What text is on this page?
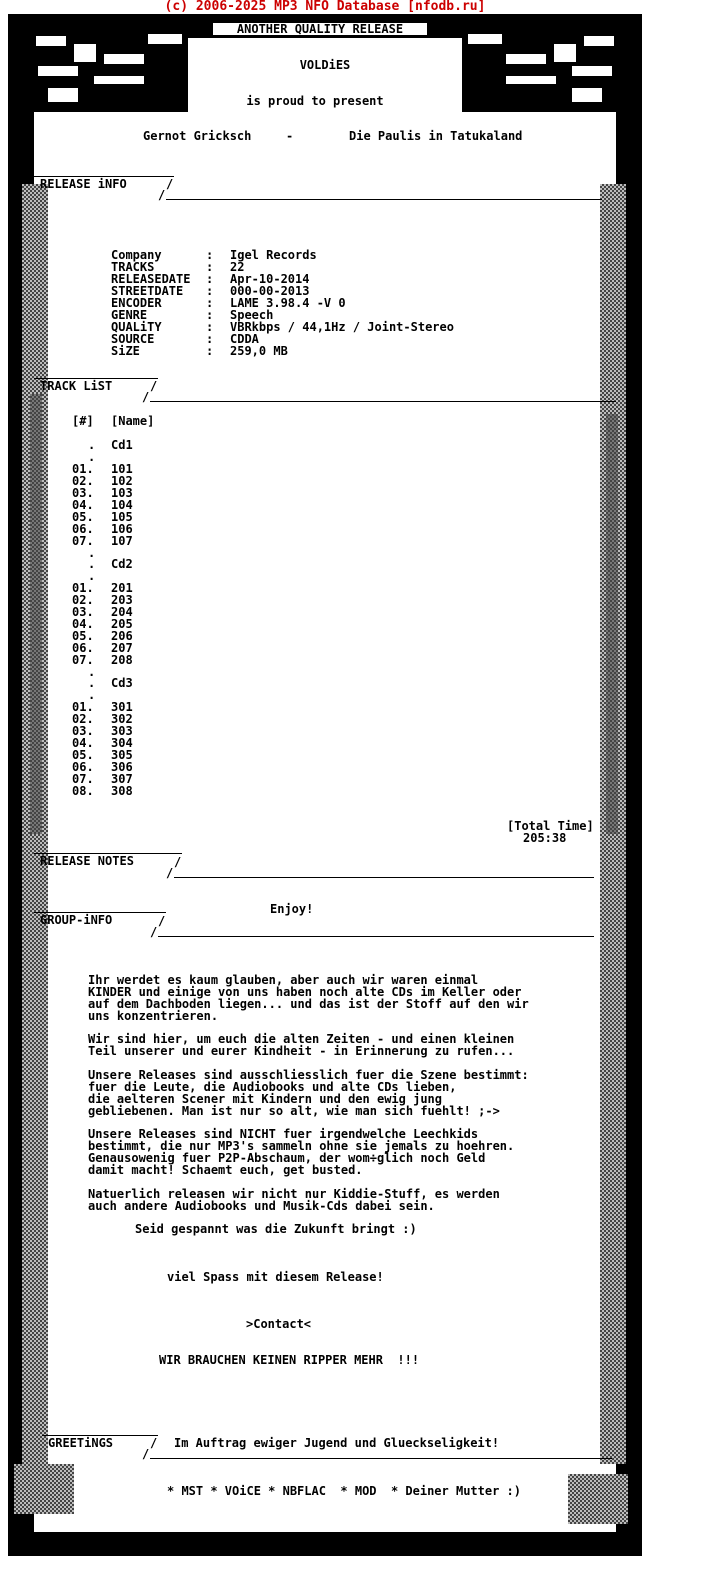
(c) 2006-2025 MP3 NFO Database [nfodb.ru]
ANOTHER QUALITY RELEASE
VOLDiES
is proud to present
Gernot Gricksch	-	Die Paulis in Tatukaland
RELEASE iNFO	/
/
Company	: Igel Records
TRACKS	: 22
RELEASEDATE : Apr-10-2014
STREETDATE : 000-00-2013
ENCODER	: LAME 3.98.4 -V 0
GENRE	: Speech
QUALiTY	: VBRkbps / 44,1Hz / Joint-Stereo
SOURCE	: CDDA
SiZE	: 259,0 MB
TRACK LiST	/
/
[#] [Name]
. Cd1
.
01. 101
02. 102
03. 103
04. 104
05. 105
06. 106
07. 107
.
. Cd2
.
01. 201
02. 203
03. 204
04. 205
05. 206
06. 207
07. 208
.
. Cd3
.
01. 301
02. 302
03. 303
04. 304
05. 305
06. 306
07. 307
08. 308
[Total Time]
205:38
RELEASE NOTES	/
/
Enjoy!
GROUP-iNFO	/
/
Ihr werdet es kaum glauben, aber auch wir waren einmal
KINDER und einige von uns haben noch alte CDs im Keller oder
auf dem Dachboden liegen... und das ist der Stoff auf den wir
uns konzentrieren.
Wir sind hier, um euch die alten Zeiten - und einen kleinen
Teil unserer und eurer Kindheit - in Erinnerung zu rufen...
Unsere Releases sind ausschliesslich fuer die Szene bestimmt:
fuer die Leute, die Audiobooks und alte CDs lieben,
die aelteren Scener mit Kindern und den ewig jung
gebliebenen. Man ist nur so alt, wie man sich fuehlt! ;->
Unsere Releases sind NICHT fuer irgendwelche Leechkids
bestimmt, die nur MP3's sammeln ohne sie jemals zu hoehren.
Genausowenig fuer P2P-Abschaum, der wom÷glich noch Geld
damit macht! Schaemt euch, get busted.
Natuerlich releasen wir nicht nur Kiddie-Stuff, es werden
auch andere Audiobooks und Musik-Cds dabei sein.
Seid gespannt was die Zukunft bringt :)
viel Spass mit diesem Release!
>Contact<
WIR BRAUCHEN KEINEN RIPPER MEHR  !!!
GREETiNGS	/
/
Im Auftrag ewiger Jugend und Glueckseligkeit!
* MST * VOiCE * NBFLAC  * MOD  * Deiner Mutter :)
